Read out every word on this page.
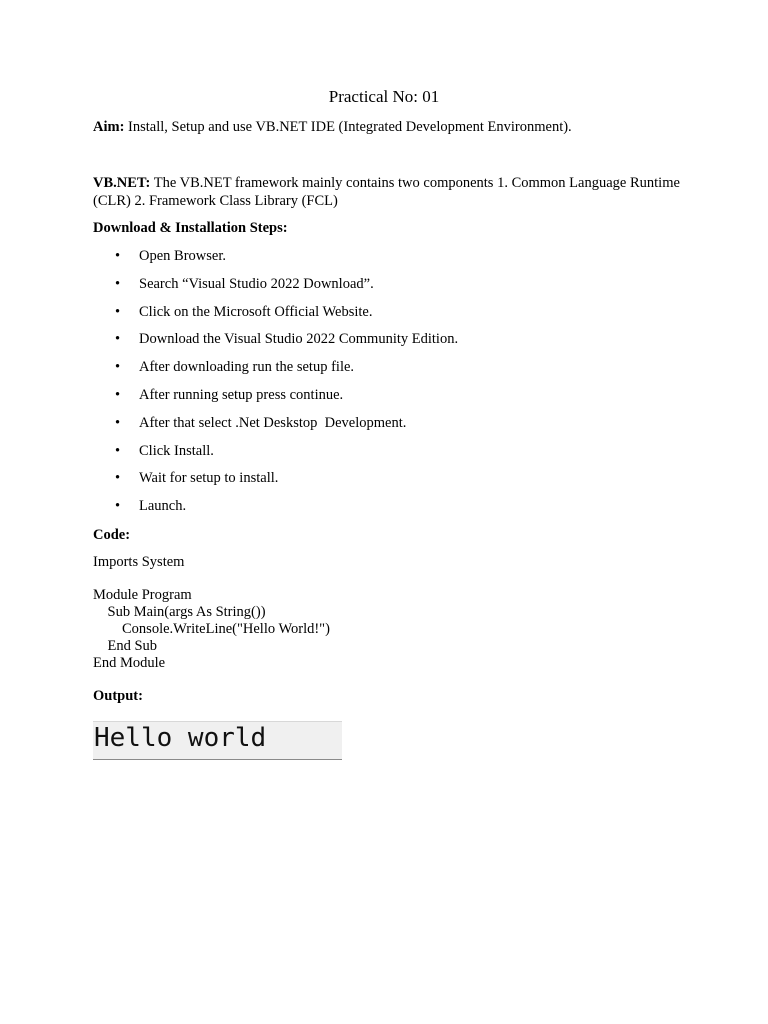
Practical No: 01
Aim: Install, Setup and use VB.NET IDE (Integrated Development Environment).
VB.NET: The VB.NET framework mainly contains two components 1. Common Language Runtime (CLR) 2. Framework Class Library (FCL)
Download & Installation Steps:
• Open Browser.
• Search “Visual Studio 2022 Download”.
• Click on the Microsoft Official Website.
• Download the Visual Studio 2022 Community Edition.
• After downloading run the setup file.
• After running setup press continue.
• After that select .Net Deskstop  Development.
• Click Install.
• Wait for setup to install.
• Launch.
Code:
Imports System
Module Program
Sub Main(args As String())
Console.WriteLine("Hello World!")
End Sub
End Module
Output:
Hello world
